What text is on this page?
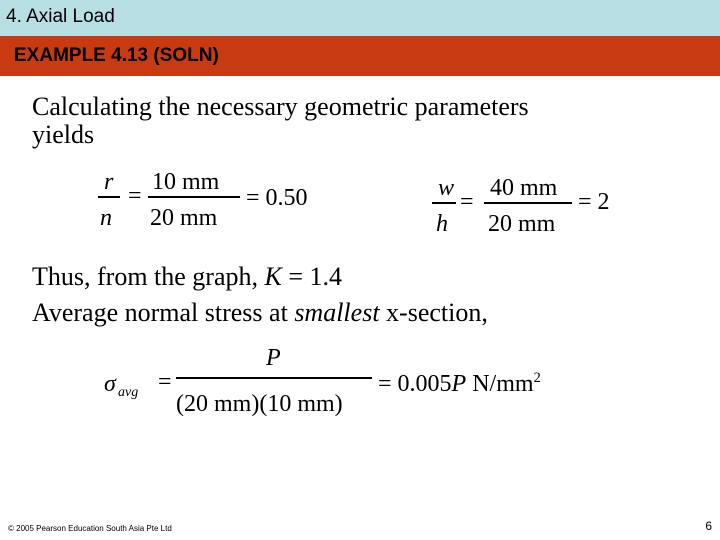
4. Axial Load
EXAMPLE 4.13 (SOLN)
Calculating the necessary geometric parameters
yields
r
n
=
10 mm
20 mm
= 0.50	w
h
=
40 mm
20 mm
= 2
Thus, from the graph, K = 1.4
Average normal stress at smallest x-section,
σ avg =
P
(20 mm)(10 mm)
= 0.005P $N/mm^2$
© 2005 Pearson Education South Asia Pte Ltd	6
